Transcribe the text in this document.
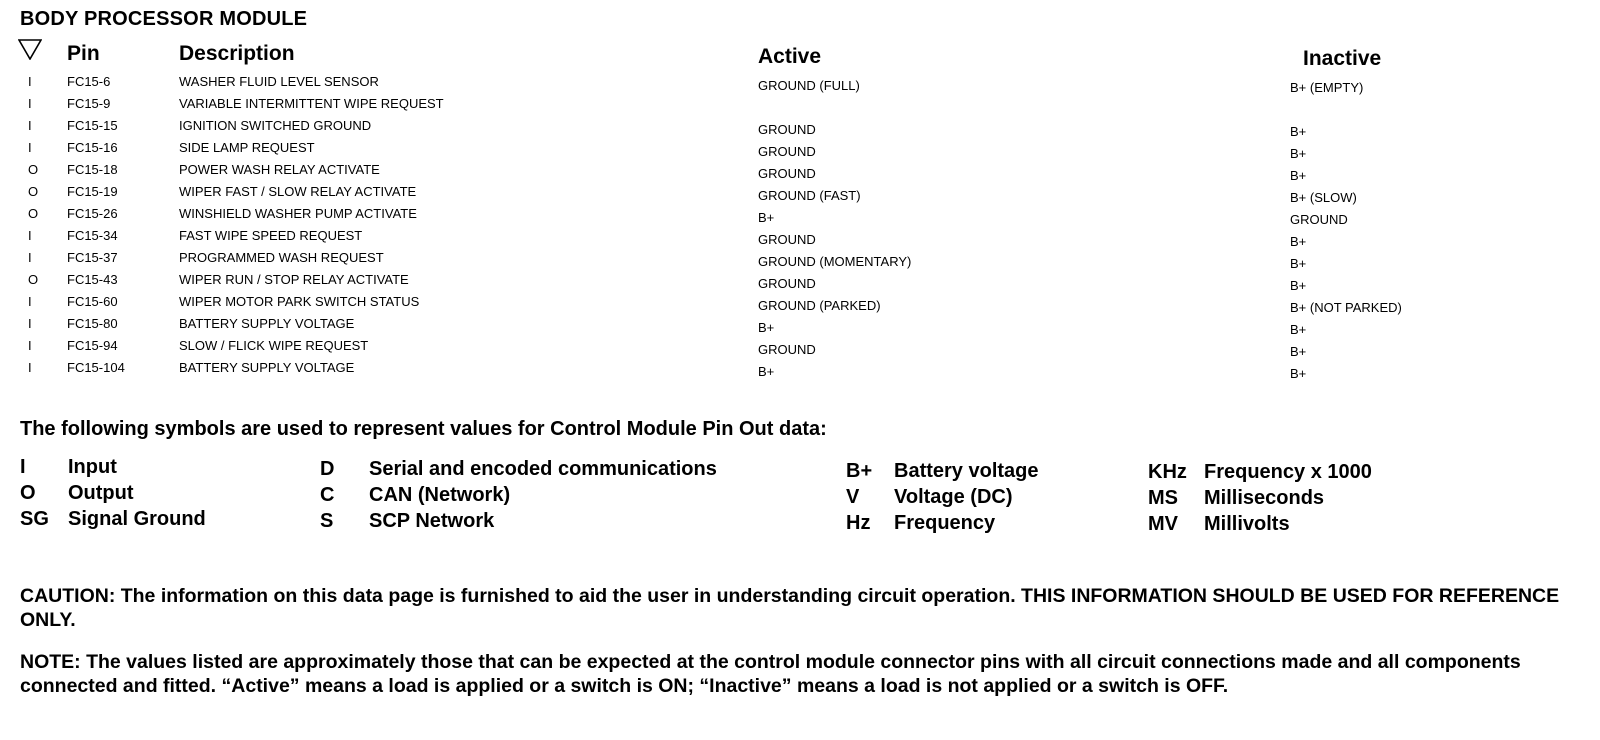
BODY PROCESSOR MODULE
Pin	Description	Active	Inactive
I	FC15-6	WASHER FLUID LEVEL SENSOR	GROUND (FULL)	B+ (EMPTY)
I	FC15-9	VARIABLE INTERMITTENT WIPE REQUEST
I	FC15-15	IGNITION SWITCHED GROUND	GROUND	B+
I	FC15-16	SIDE LAMP REQUEST	GROUND	B+
O FC15-18	POWER WASH RELAY ACTIVATE	GROUND	B+
O FC15-19	WIPER FAST / SLOW RELAY ACTIVATE	GROUND (FAST)	B+ (SLOW)
O FC15-26	WINSHIELD WASHER PUMP ACTIVATE	B+	GROUND
I	FC15-34	FAST WIPE SPEED REQUEST	GROUND	B+
I	FC15-37	PROGRAMMED WASH REQUEST	GROUND (MOMENTARY)	B+
O FC15-43	WIPER RUN / STOP RELAY ACTIVATE	GROUND	B+
I	FC15-60	WIPER MOTOR PARK SWITCH STATUS	GROUND (PARKED)	B+ (NOT PARKED)
I	FC15-80	BATTERY SUPPLY VOLTAGE	B+	B+
I	FC15-94	SLOW / FLICK WIPE REQUEST	GROUND	B+
I	FC15-104	BATTERY SUPPLY VOLTAGE	B+	B+
The following symbols are used to represent values for Control Module Pin Out data:
I Input
O Output
SG Signal Ground
D Serial and encoded communications
C CAN (Network)
S SCP Network
B+ Battery voltage
V Voltage (DC)
Hz Frequency
KHz Frequency x 1000
MS Milliseconds
MV Millivolts
CAUTION: The information on this data page is furnished to aid the user in understanding circuit operation. THIS INFORMATION SHOULD BE USED FOR REFERENCE ONLY.
NOTE: The values listed are approximately those that can be expected at the control module connector pins with all circuit connections made and all components connected and fitted. “Active” means a load is applied or a switch is ON; “Inactive” means a load is not applied or a switch is OFF.
